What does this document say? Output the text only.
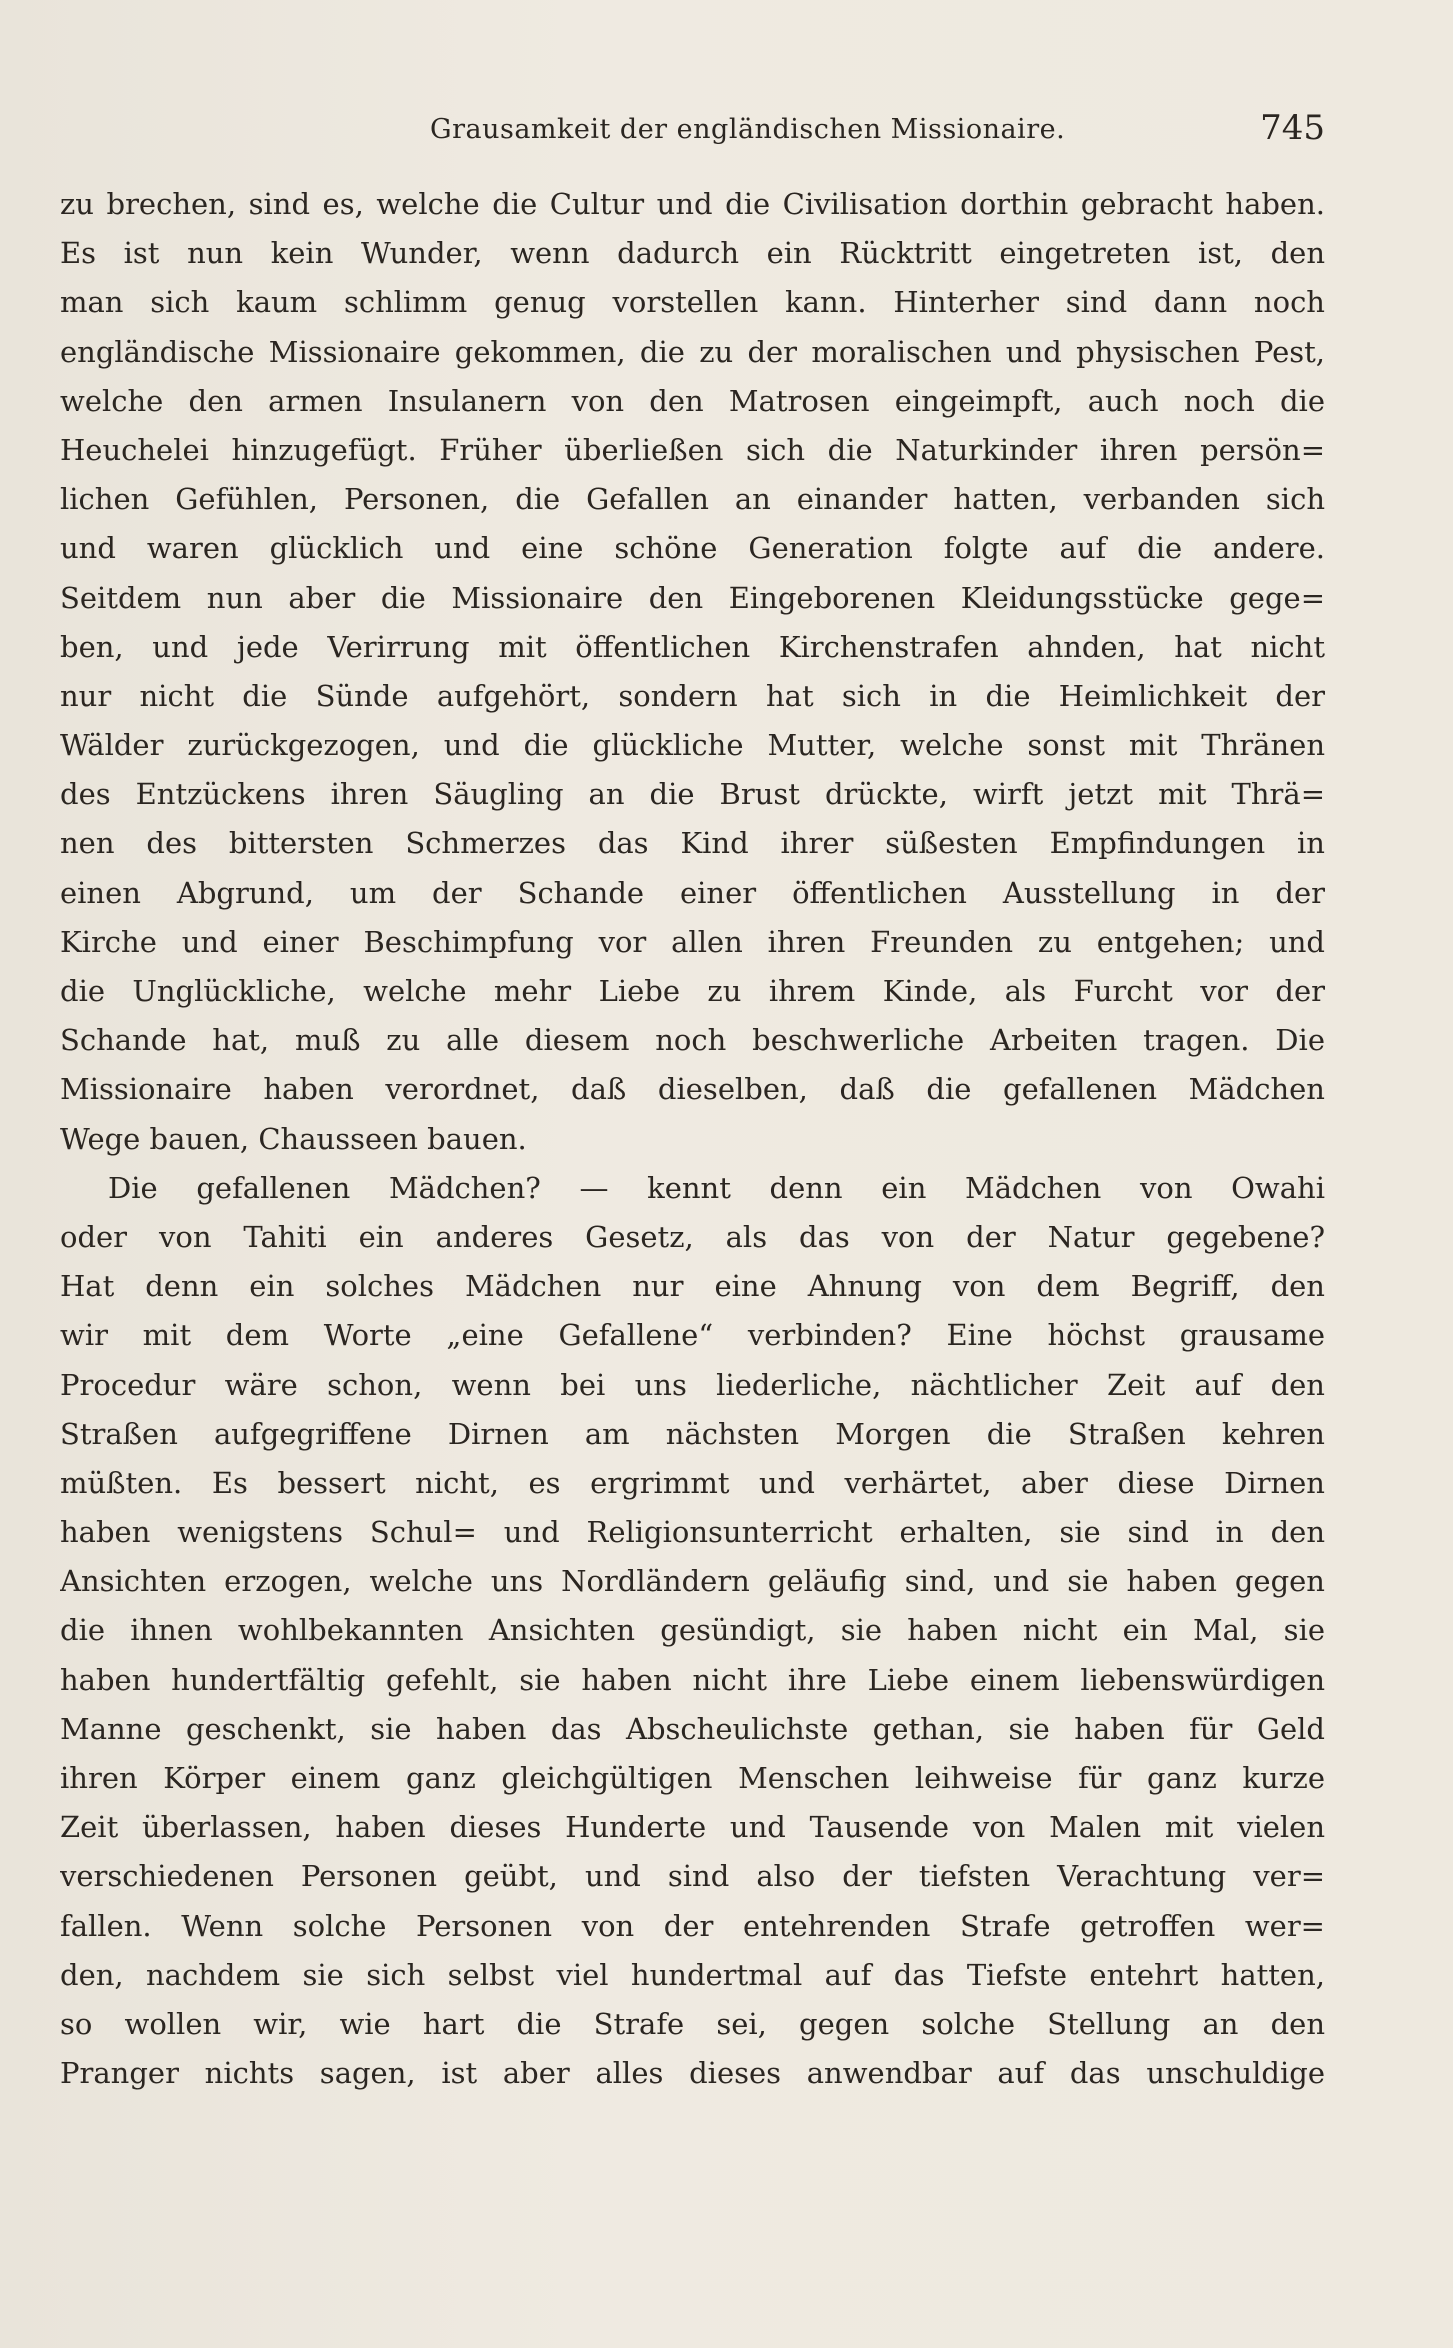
Grausamkeit der engländischen Missionaire.	745
zu brechen, sind es, welche die Cultur und die Civilisation dorthin gebracht haben.
Es ist nun kein Wunder, wenn dadurch ein Rücktritt eingetreten ist, den
man sich kaum schlimm genug vorstellen kann. Hinterher sind dann noch
engländische Missionaire gekommen, die zu der moralischen und physischen Pest,
welche den armen Insulanern von den Matrosen eingeimpft, auch noch die
Heuchelei hinzugefügt. Früher überließen sich die Naturkinder ihren persön=
lichen Gefühlen, Personen, die Gefallen an einander hatten, verbanden sich
und waren glücklich und eine schöne Generation folgte auf die andere.
Seitdem nun aber die Missionaire den Eingeborenen Kleidungsstücke gege=
ben, und jede Verirrung mit öffentlichen Kirchenstrafen ahnden, hat nicht
nur nicht die Sünde aufgehört, sondern hat sich in die Heimlichkeit der
Wälder zurückgezogen, und die glückliche Mutter, welche sonst mit Thränen
des Entzückens ihren Säugling an die Brust drückte, wirft jetzt mit Thrä=
nen des bittersten Schmerzes das Kind ihrer süßesten Empfindungen in
einen Abgrund, um der Schande einer öffentlichen Ausstellung in der
Kirche und einer Beschimpfung vor allen ihren Freunden zu entgehen; und
die Unglückliche, welche mehr Liebe zu ihrem Kinde, als Furcht vor der
Schande hat, muß zu alle diesem noch beschwerliche Arbeiten tragen. Die
Missionaire haben verordnet, daß dieselben, daß die gefallenen Mädchen
Wege bauen, Chausseen bauen.
Die gefallenen Mädchen? — kennt denn ein Mädchen von Owahi
oder von Tahiti ein anderes Gesetz, als das von der Natur gegebene?
Hat denn ein solches Mädchen nur eine Ahnung von dem Begriff, den
wir mit dem Worte „eine Gefallene“ verbinden? Eine höchst grausame
Procedur wäre schon, wenn bei uns liederliche, nächtlicher Zeit auf den
Straßen aufgegriffene Dirnen am nächsten Morgen die Straßen kehren
müßten. Es bessert nicht, es ergrimmt und verhärtet, aber diese Dirnen
haben wenigstens Schul= und Religionsunterricht erhalten, sie sind in den
Ansichten erzogen, welche uns Nordländern geläufig sind, und sie haben gegen
die ihnen wohlbekannten Ansichten gesündigt, sie haben nicht ein Mal, sie
haben hundertfältig gefehlt, sie haben nicht ihre Liebe einem liebenswürdigen
Manne geschenkt, sie haben das Abscheulichste gethan, sie haben für Geld
ihren Körper einem ganz gleichgültigen Menschen leihweise für ganz kurze
Zeit überlassen, haben dieses Hunderte und Tausende von Malen mit vielen
verschiedenen Personen geübt, und sind also der tiefsten Verachtung ver=
fallen. Wenn solche Personen von der entehrenden Strafe getroffen wer=
den, nachdem sie sich selbst viel hundertmal auf das Tiefste entehrt hatten,
so wollen wir, wie hart die Strafe sei, gegen solche Stellung an den
Pranger nichts sagen, ist aber alles dieses anwendbar auf das unschuldige
